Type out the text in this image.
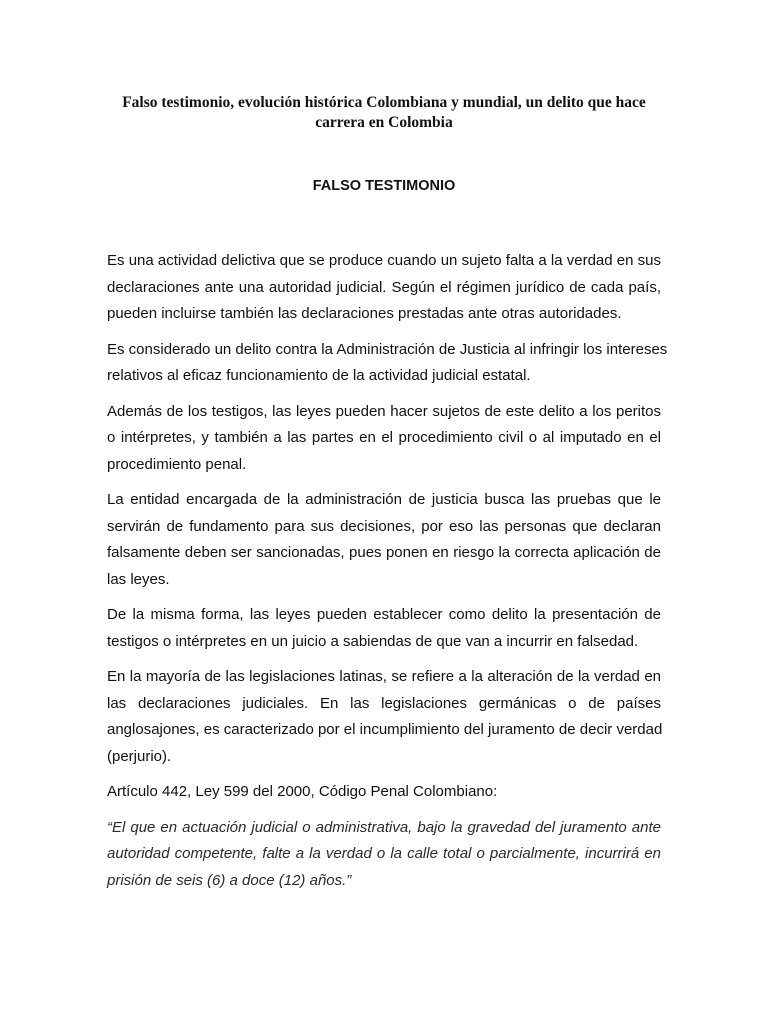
Falso testimonio, evolución histórica Colombiana y mundial, un delito que hace
carrera en Colombia
FALSO TESTIMONIO

Es una actividad delictiva que se produce cuando un sujeto falta a la verdad en sus
declaraciones ante una autoridad judicial. Según el régimen jurídico de cada país,
pueden incluirse también las declaraciones prestadas ante otras autoridades.

Es considerado un delito contra la Administración de Justicia al infringir los intereses
relativos al eficaz funcionamiento de la actividad judicial estatal.

Además de los testigos, las leyes pueden hacer sujetos de este delito a los peritos
o intérpretes, y también a las partes en el procedimiento civil o al imputado en el
procedimiento penal.

La entidad encargada de la administración de justicia busca las pruebas que le
servirán de fundamento para sus decisiones, por eso las personas que declaran
falsamente deben ser sancionadas, pues ponen en riesgo la correcta aplicación de
las leyes.

De la misma forma, las leyes pueden establecer como delito la presentación de
testigos o intérpretes en un juicio a sabiendas de que van a incurrir en falsedad.

En la mayoría de las legislaciones latinas, se refiere a la alteración de la verdad en
las declaraciones judiciales. En las legislaciones germánicas o de países
anglosajones, es caracterizado por el incumplimiento del juramento de decir verdad
(perjurio).

Artículo 442, Ley 599 del 2000, Código Penal Colombiano:

“El que en actuación judicial o administrativa, bajo la gravedad del juramento ante
autoridad competente, falte a la verdad o la calle total o parcialmente, incurrirá en
prisión de seis (6) a doce (12) años.”
